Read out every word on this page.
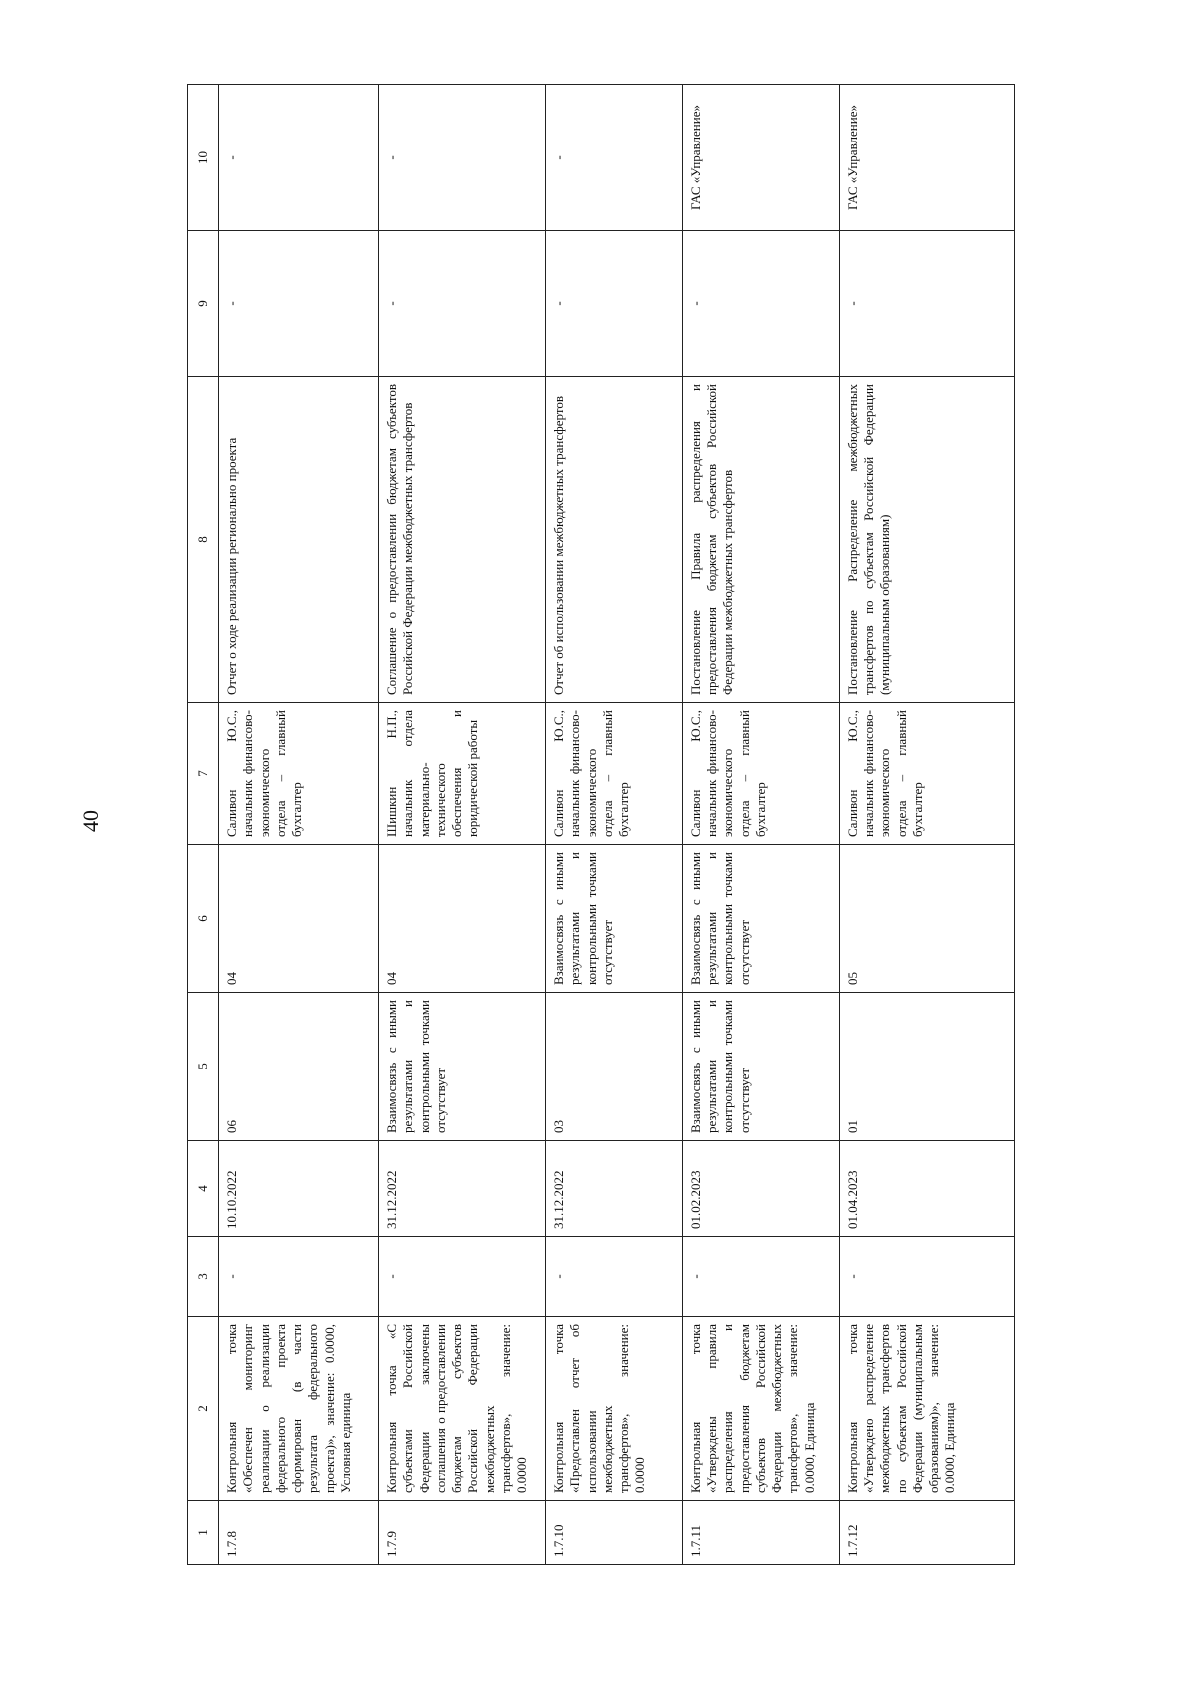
40
1	2	3	4	5	6	7	8	9	10
1.7.8	Контрольная точка «Обеспечен мониторинг реализации о реализации федерального проекта сформирован (в части результата федерального проекта)», значение: 0.0000, Условная единица	-	10.10.2022	06	04	Саливон Ю.С., начальник финансово-экономического отдела – главный бухгалтер	Отчет о ходе реализации регионально проекта	-	-
1.7.9	Контрольная точка «С субъектами Российской Федерации заключены соглашения о предоставлении бюджетам субъектов Российской Федерации межбюджетных трансфертов», значение: 0.0000	-	31.12.2022	Взаимосвязь с иными результатами и контрольными точками отсутствует	04	Шишкин Н.П., начальник отдела материально-технического обеспечения и юридической работы	Соглашение о предоставлении бюджетам субъектов Российской Федерации межбюджетных трансфертов	-	-
1.7.10	Контрольная точка «Предоставлен отчет об использовании межбюджетных трансфертов», значение: 0.0000	-	31.12.2022	03	Взаимосвязь с иными результатами и контрольными точками отсутствует	Саливон Ю.С., начальник финансово-экономического отдела – главный бухгалтер	Отчет об использовании межбюджетных трансфертов	-	-
1.7.11	Контрольная точка «Утверждены правила распределения и предоставления бюджетам субъектов Российской Федерации межбюджетных трансфертов», значение: 0.0000, Единица	-	01.02.2023	Взаимосвязь с иными результатами и контрольными точками отсутствует	Взаимосвязь с иными результатами и контрольными точками отсутствует	Саливон Ю.С., начальник финансово-экономического отдела – главный бухгалтер	Постановление Правила распределения и предоставления бюджетам субъектов Российской Федерации межбюджетных трансфертов	-	ГАС «Управление»
1.7.12	Контрольная точка «Утверждено распределение межбюджетных трансфертов по субъектам Российской Федерации (муниципальным образованиям)», значение: 0.0000, Единица	-	01.04.2023	01	05	Саливон Ю.С., начальник финансово-экономического отдела – главный бухгалтер	Постановление Распределение межбюджетных трансфертов по субъектам Российской Федерации (муниципальным образованиям)	-	ГАС «Управление»
